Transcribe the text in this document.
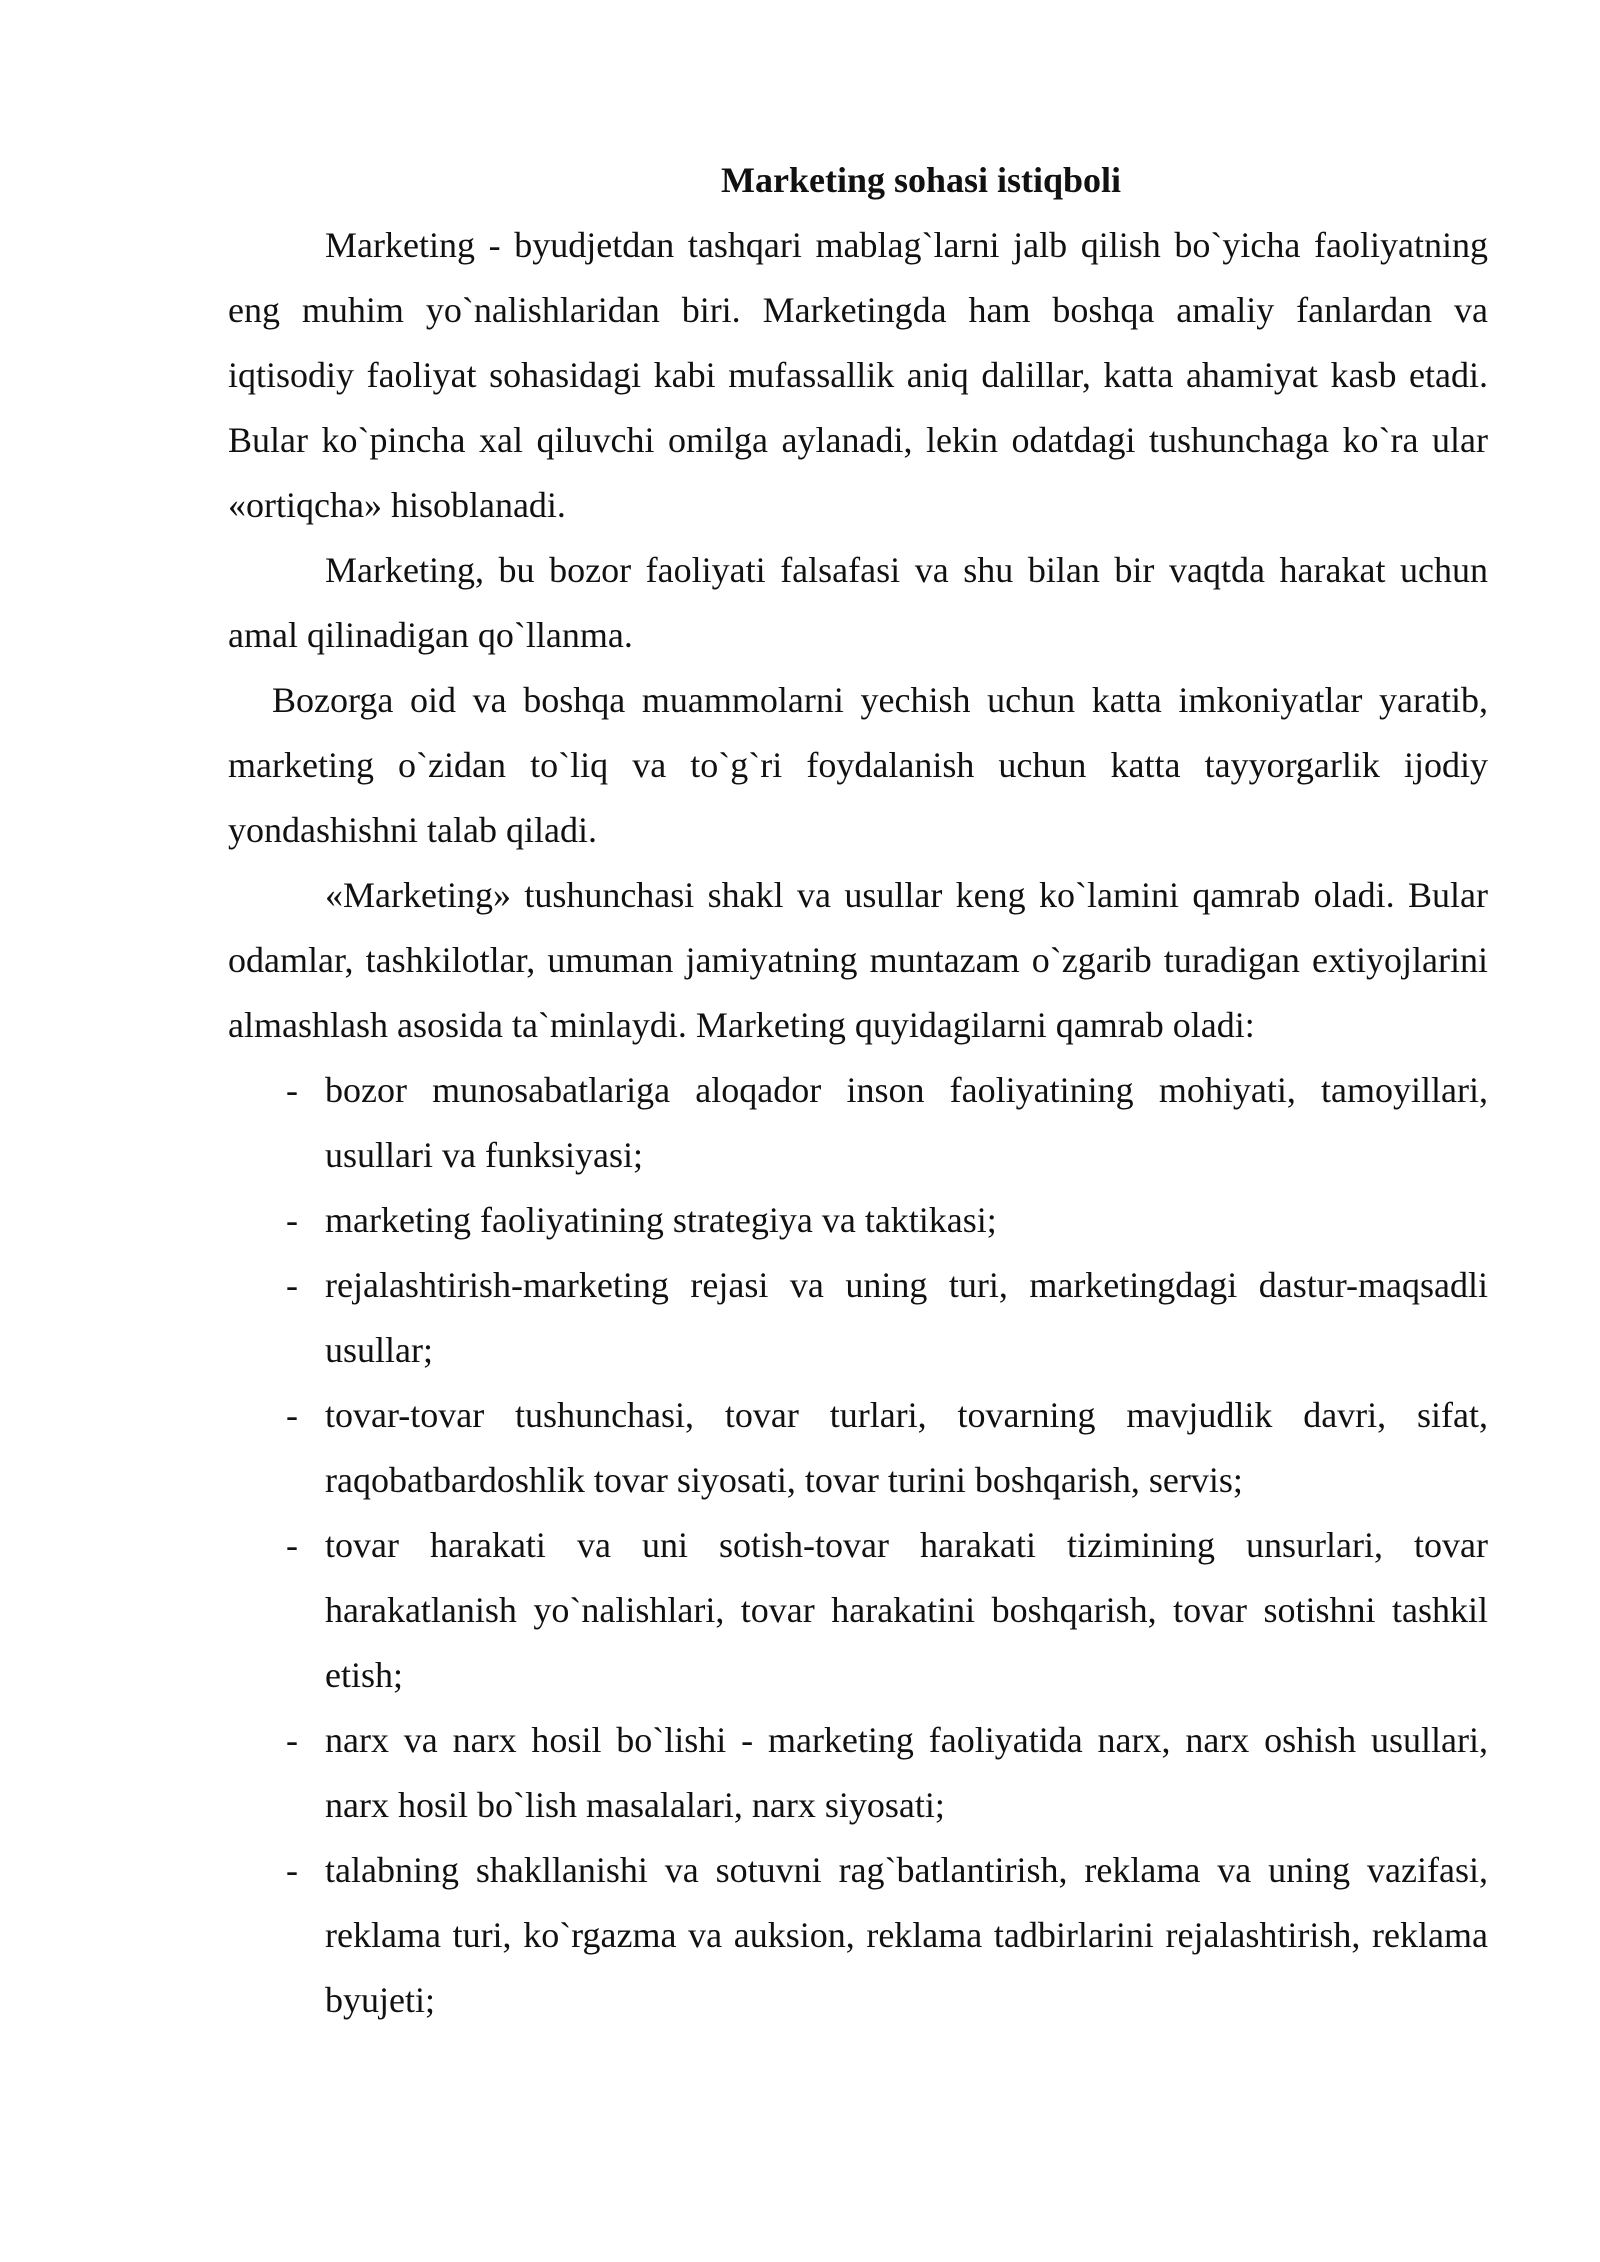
Marketing sohasi istiqboli

Marketing - byudjetdan tashqari mablag`larni jalb qilish bo`yicha faoliyatning eng muhim yo`nalishlaridan biri. Marketingda ham boshqa amaliy fanlardan va iqtisodiy faoliyat sohasidagi kabi mufassallik aniq dalillar, katta ahamiyat kasb etadi. Bular ko`pincha xal qiluvchi omilga aylanadi, lekin odatdagi tushunchaga ko`ra ular «ortiqcha» hisoblanadi.

Marketing, bu bozor faoliyati falsafasi va shu bilan bir vaqtda harakat uchun amal qilinadigan qo`llanma.

Bozorga oid va boshqa muammolarni yechish uchun katta imkoniyatlar yaratib, marketing o`zidan to`liq va to`g`ri foydalanish uchun katta tayyorgarlik ijodiy yondashishni talab qiladi.

«Marketing» tushunchasi shakl va usullar keng ko`lamini qamrab oladi. Bular odamlar, tashkilotlar, umuman jamiyatning muntazam o`zgarib turadigan extiyojlarini almashlash asosida ta`minlaydi. Marketing quyidagilarni qamrab oladi:

- bozor munosabatlariga aloqador inson faoliyatining mohiyati, tamoyillari, usullari va funksiyasi;
- marketing faoliyatining strategiya va taktikasi;
- rejalashtirish-marketing rejasi va uning turi, marketingdagi dastur-maqsadli usullar;
- tovar-tovar tushunchasi, tovar turlari, tovarning mavjudlik davri, sifat, raqobatbardoshlik tovar siyosati, tovar turini boshqarish, servis;
- tovar harakati va uni sotish-tovar harakati tizimining unsurlari, tovar harakatlanish yo`nalishlari, tovar harakatini boshqarish, tovar sotishni tashkil etish;
- narx va narx hosil bo`lishi - marketing faoliyatida narx, narx oshish usullari, narx hosil bo`lish masalalari, narx siyosati;
- talabning shakllanishi va sotuvni rag`batlantirish, reklama va uning vazifasi, reklama turi, ko`rgazma va auksion, reklama tadbirlarini rejalashtirish, reklama byujeti;
